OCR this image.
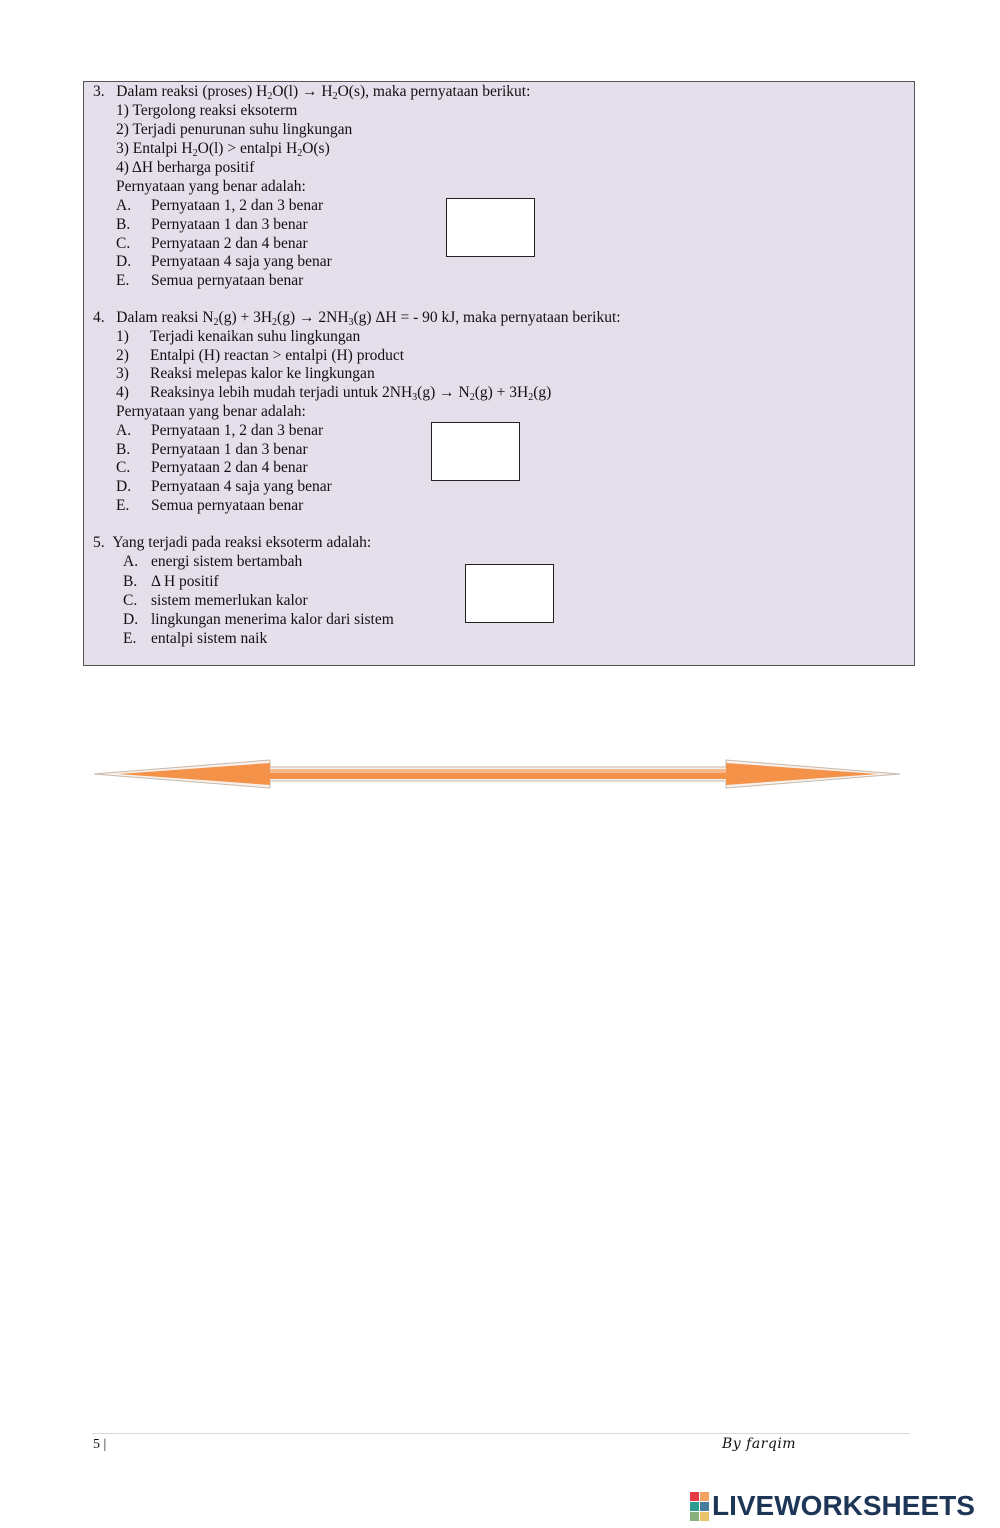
3. Dalam reaksi (proses) $H_2O(l) \to H_2O(s)$, maka pernyataan berikut:
1) Tergolong reaksi eksoterm
2) Terjadi penurunan suhu lingkungan
3) Entalpi $H_2O(l)$ > entalpi $H_2O(s)$
4) ΔH berharga positif
Pernyataan yang benar adalah:
A. Pernyataan 1, 2 dan 3 benar
B. Pernyataan 1 dan 3 benar
C. Pernyataan 2 dan 4 benar
D. Pernyataan 4 saja yang benar
E. Semua pernyataan benar
4. Dalam reaksi $N_2(g) + 3H_2(g) \to 2NH_3(g) \Delta H$ = - 90 kJ, maka pernyataan berikut:
1) Terjadi kenaikan suhu lingkungan
2) Entalpi (H) reactan > entalpi (H) product
3) Reaksi melepas kalor ke lingkungan
4) Reaksinya lebih mudah terjadi untuk $2NH_3(g) \to N_2(g) + 3H_2(g)$
Pernyataan yang benar adalah:
A. Pernyataan 1, 2 dan 3 benar
B. Pernyataan 1 dan 3 benar
C. Pernyataan 2 dan 4 benar
D. Pernyataan 4 saja yang benar
E. Semua pernyataan benar
5. Yang terjadi pada reaksi eksoterm adalah:
A. energi sistem bertambah
B. Δ H positif
C. sistem memerlukan kalor
D. lingkungan menerima kalor dari sistem
E. entalpi sistem naik
5 |	By farqim
LIVEWORKSHEETS
